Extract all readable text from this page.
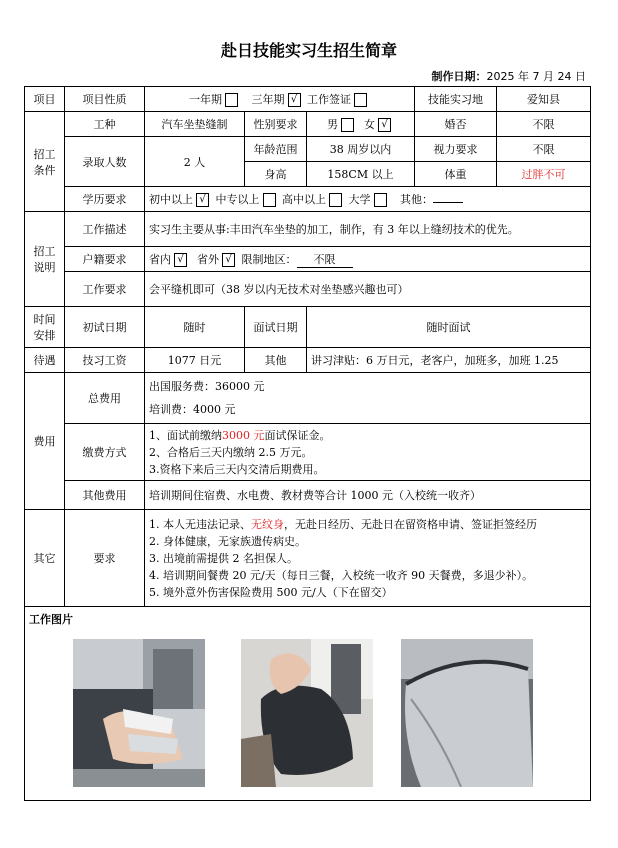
赴日技能实习生招生简章
制作日期：2025 年 7 月 24 日
项目	项目性质	一年期 三年期 √ 工作签证			技能实习地	爱知县
招工条件	工种	汽车坐垫缝制	性别要求	男 女 √	婚否	不限
	录取人数	2 人	年龄范围	38 周岁以内	视力要求	不限
			身高	158CM 以上	体重	过胖不可
	学历要求	初中以上 √ 中专以上 高中以上 大学 其他：				
招工说明	工作描述	实习生主要从事:丰田汽车坐垫的加工，制作，有 3 年以上缝纫技术的优先。				
	户籍要求	省内 √ 省外 √ 限制地区： 不限				
	工作要求	会平缝机即可（38 岁以内无技术对坐垫感兴趣也可）				
时间安排	初试日期	随时	面试日期	随时面试		
待遇	技习工资	1077 日元	其他	讲习津贴：6 万日元，老客户，加班多，加班 1.25		
费用	总费用	出国服务费：36000 元
培训费：4000 元				

	缴费方式	1、面试前缴纳3000 元面试保证金。
2、合格后三天内缴纳 2.5 万元。
3.资格下来后三天内交清后期费用。				

	其他费用	培训期间住宿费、水电费、教材费等合计 1000 元（入校统一收齐）				
其它	要求	1. 本人无违法记录、无纹身，无赴日经历、无赴日在留资格申请、签证拒签经历
2. 身体健康，无家族遗传病史。
3. 出境前需提供 2 名担保人。
4. 培训期间餐费 20 元/天（每日三餐，入校统一收齐 90 天餐费，多退少补）。
5. 境外意外伤害保险费用 500 元/人（下在留交）				

工作图片						
